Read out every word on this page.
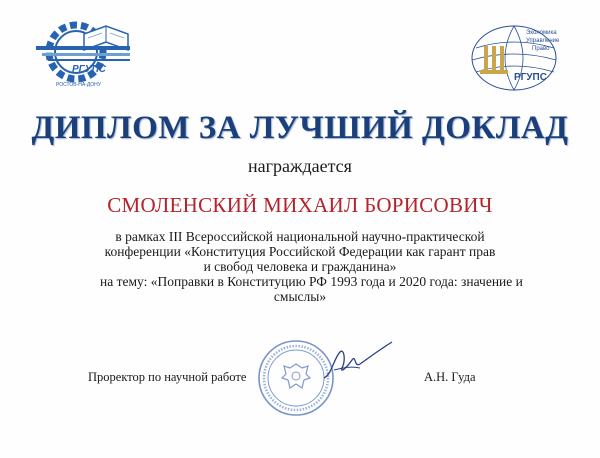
РГУПС
РОСТОВ-НА-ДОНУ
Экономика
Управление
Право
РГУПС
ДИПЛОМ ЗА ЛУЧШИЙ ДОКЛАД
награждается
СМОЛЕНСКИЙ МИХАИЛ БОРИСОВИЧ
в рамках III Всероссийской национальной научно-практической
конференции «Конституция Российской Федерации как гарант прав
и свобод человека и гражданина»
на тему: «Поправки в Конституцию РФ 1993 года и 2020 года: значение и
смыслы»
Проректор по научной работе	А.Н. Гуда
